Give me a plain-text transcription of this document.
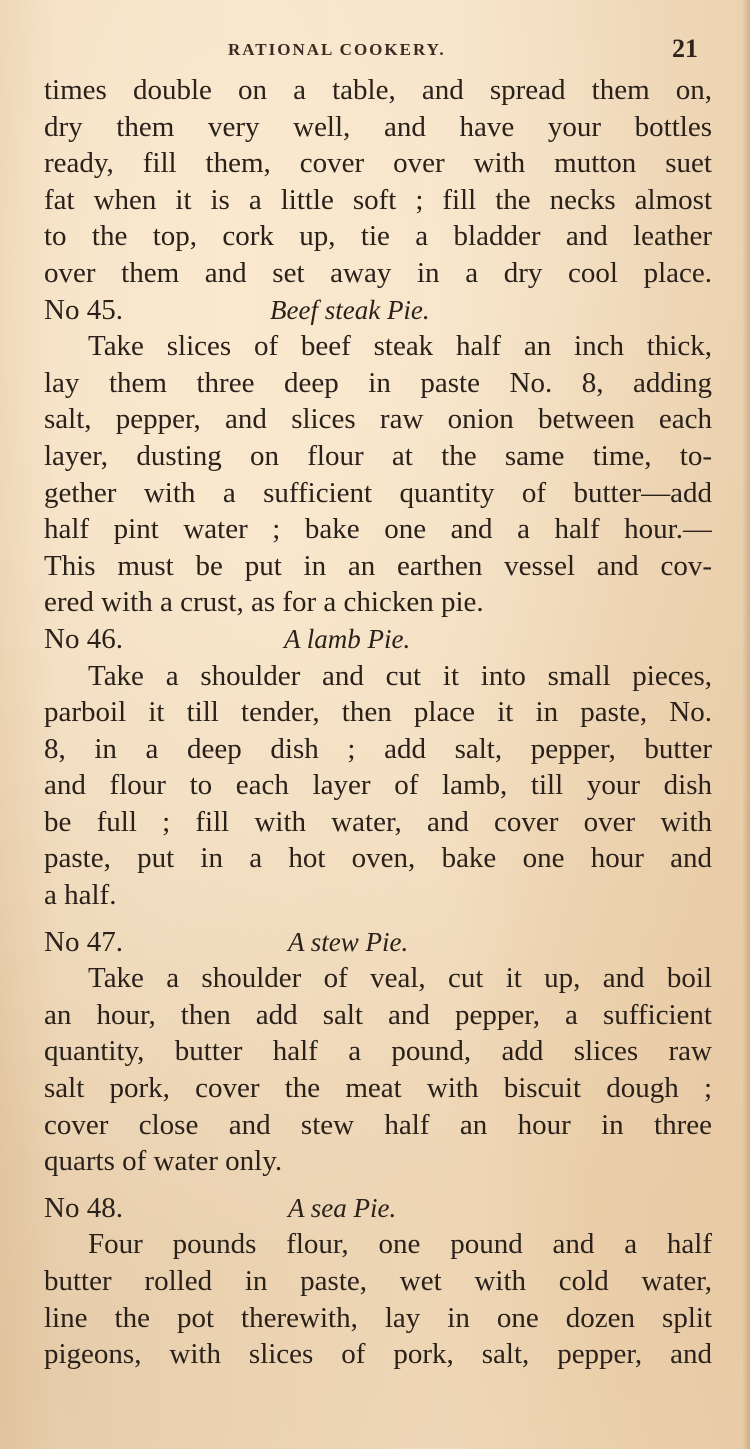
RATIONAL COOKERY.	21
times double on a table, and spread them on,
dry them very well, and have your bottles
ready, fill them, cover over with mutton suet
fat when it is a little soft ; fill the necks almost
to the top, cork up, tie a bladder and leather
over them and set away in a dry cool place.
No 45.	Beef steak Pie.
Take slices of beef steak half an inch thick,
lay them three deep in paste No. 8, adding
salt, pepper, and slices raw onion between each
layer, dusting on flour at the same time, to-
gether with a sufficient quantity of butter—add
half pint water ; bake one and a half hour.—
This must be put in an earthen vessel and cov-
ered with a crust, as for a chicken pie.
No 46.	A lamb Pie.
Take a shoulder and cut it into small pieces,
parboil it till tender, then place it in paste, No.
8, in a deep dish ; add salt, pepper, butter
and flour to each layer of lamb, till your dish
be full ; fill with water, and cover over with
paste, put in a hot oven, bake one hour and
a half.
No 47.	A stew Pie.
Take a shoulder of veal, cut it up, and boil
an hour, then add salt and pepper, a sufficient
quantity, butter half a pound, add slices raw
salt pork, cover the meat with biscuit dough ;
cover close and stew half an hour in three
quarts of water only.
No 48.	A sea Pie.
Four pounds flour, one pound and a half
butter rolled in paste, wet with cold water,
line the pot therewith, lay in one dozen split
pigeons, with slices of pork, salt, pepper, and
